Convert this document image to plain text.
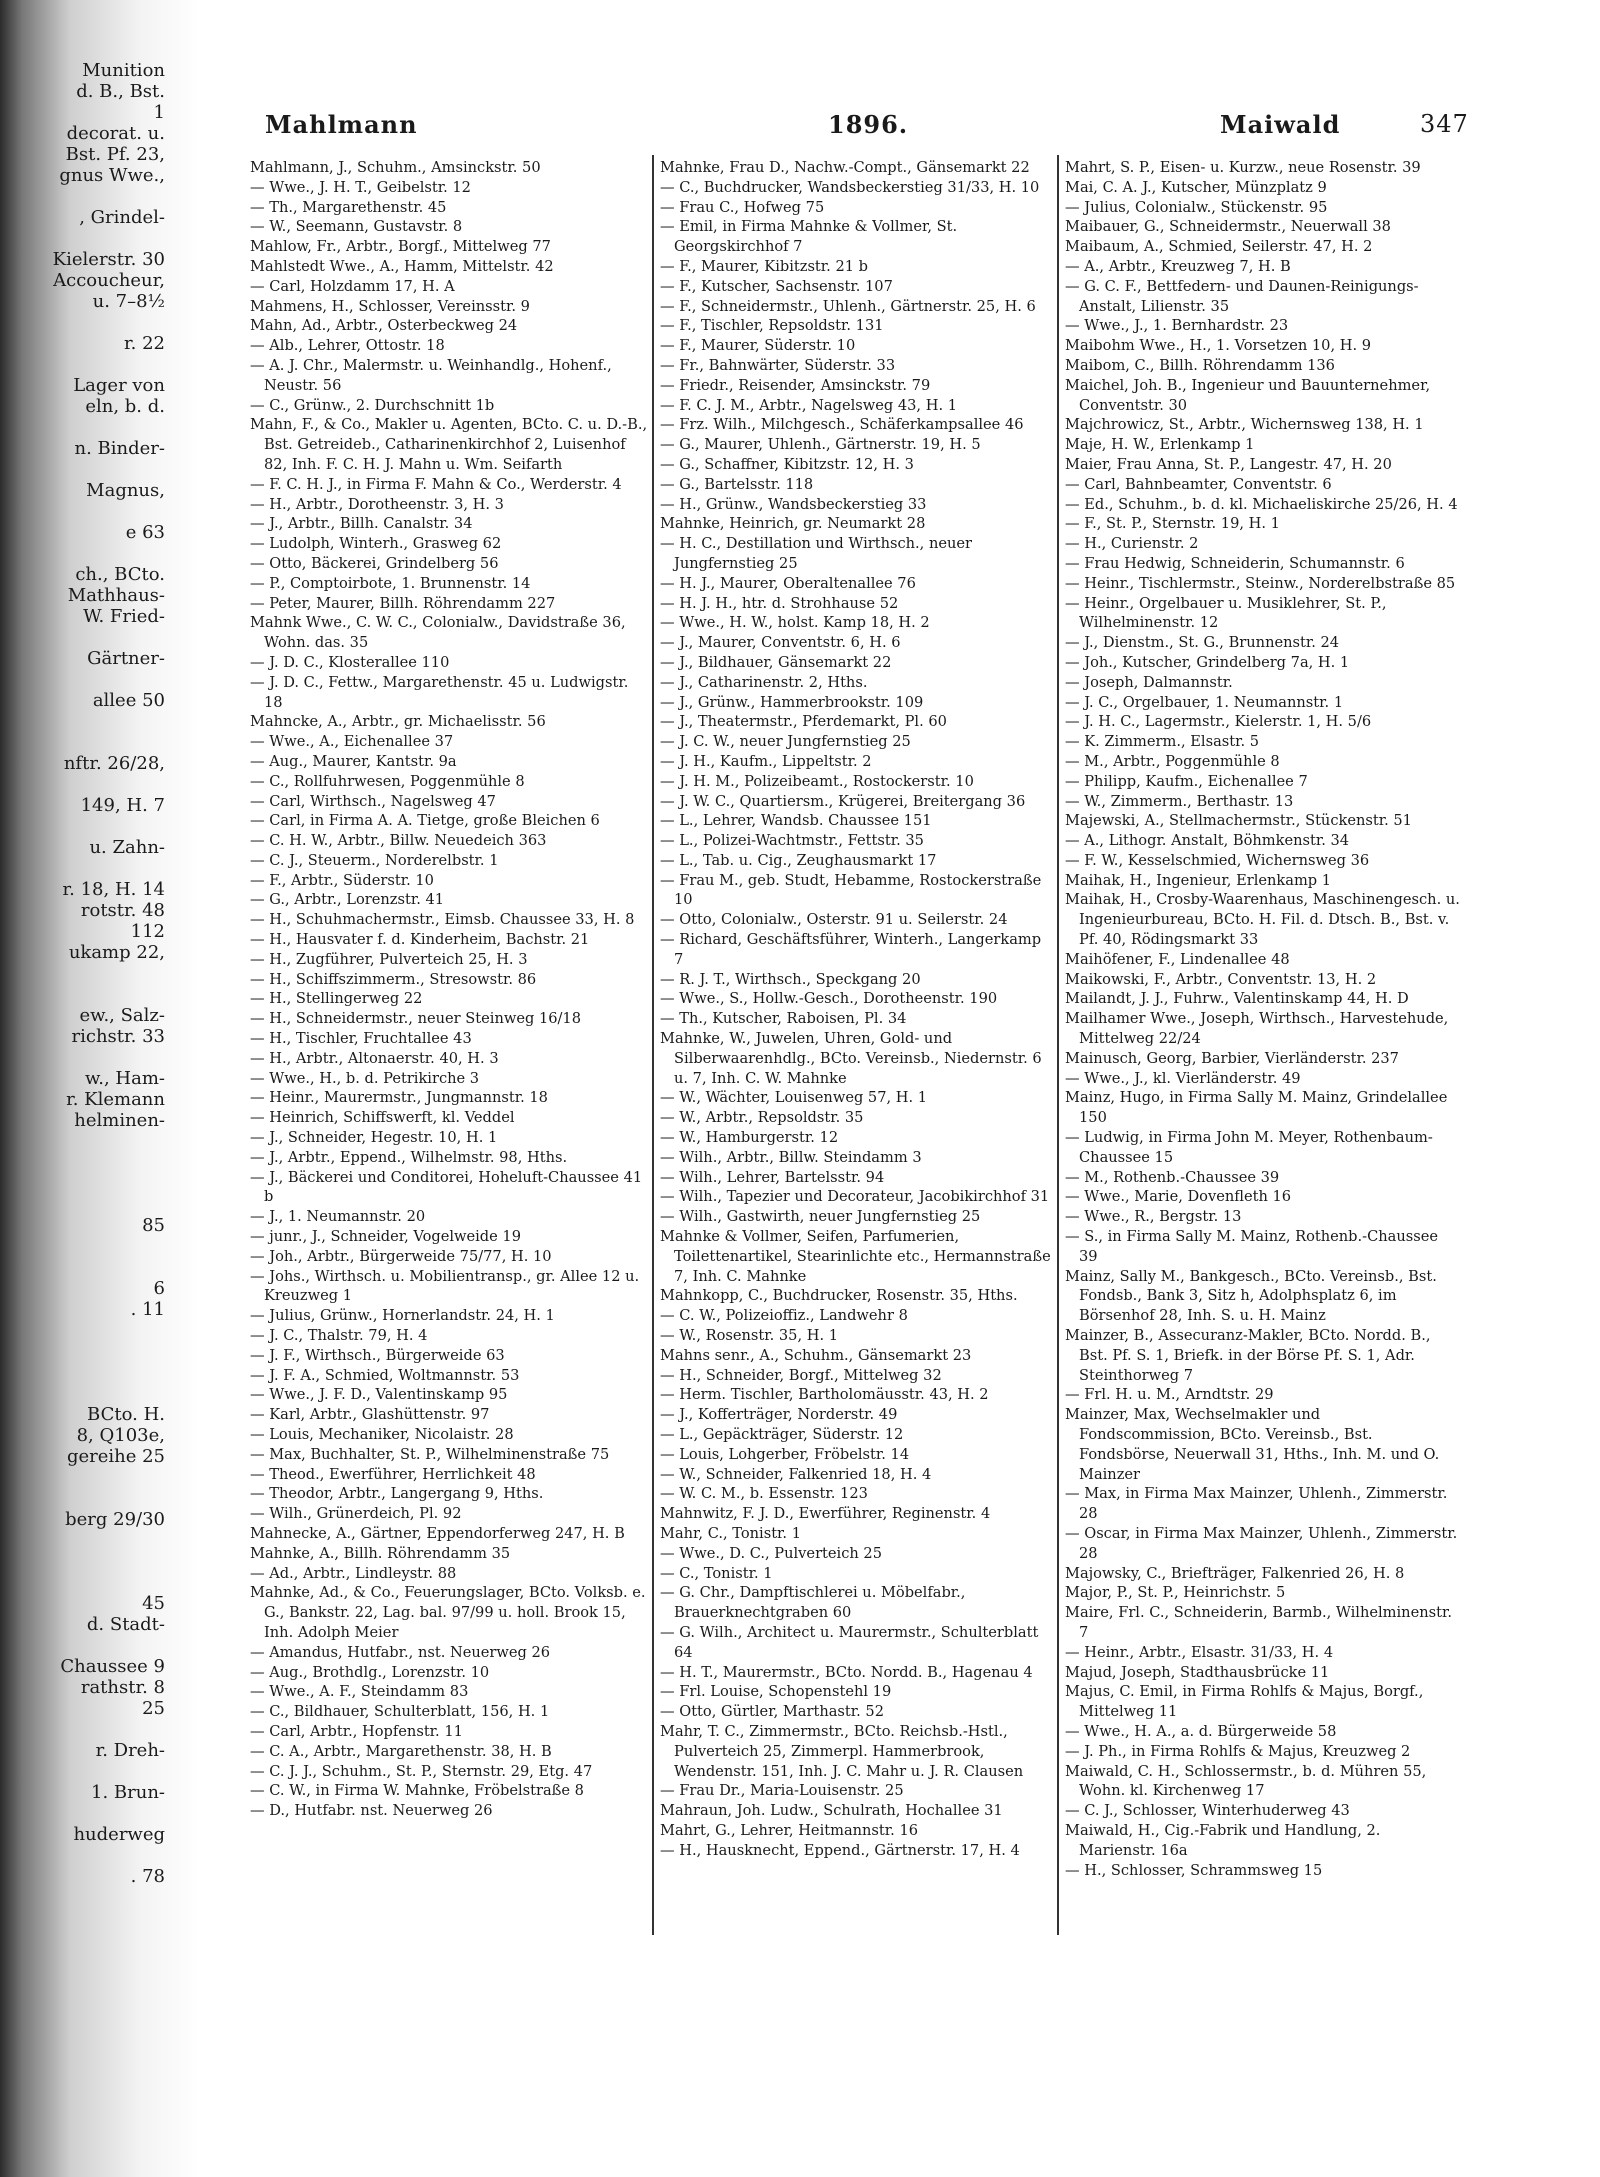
Munition
d. B., Bst.
1
decorat. u.
Bst. Pf. 23,
gnus Wwe.,
, Grindel-
Kielerstr. 30
Accoucheur,
u. 7–8½
r. 22
Lager von
eln, b. d.
n. Binder-
Magnus,
e 63
ch., BCto.
Mathhaus-
W. Fried-
Gärtner-
allee 50
nftr. 26/28,
149, H. 7
u. Zahn-
r. 18, H. 14
rotstr. 48
112
ukamp 22,
ew., Salz-
richstr. 33
w., Ham-
r. Klemann
helminen-
85
6
. 11
BCto. H.
8, Q103e,
gereihe 25
berg 29/30
45
d. Stadt-
Chaussee 9
rathstr. 8
25
r. Dreh-
1. Brun-
huderweg
. 78
Mahlmann	1896.	Maiwald	347

Mahlmann, J., Schuhm., Amsinckstr. 50

— Wwe., J. H. T., Geibelstr. 12

— Th., Margarethenstr. 45

— W., Seemann, Gustavstr. 8

Mahlow, Fr., Arbtr., Borgf., Mittelweg 77

Mahlstedt Wwe., A., Hamm, Mittelstr. 42

— Carl, Holzdamm 17, H. A

Mahmens, H., Schlosser, Vereinsstr. 9

Mahn, Ad., Arbtr., Osterbeckweg 24

— Alb., Lehrer, Ottostr. 18

— A. J. Chr., Malermstr. u. Weinhandlg., Hohenf., Neustr. 56

— C., Grünw., 2. Durchschnitt 1b

Mahn, F., & Co., Makler u. Agenten, BCto. C. u. D.-B., Bst. Getreideb., Catharinenkirchhof 2, Luisenhof 82, Inh. F. C. H. J. Mahn u. Wm. Seifarth

— F. C. H. J., in Firma F. Mahn & Co., Werderstr. 4

— H., Arbtr., Dorotheenstr. 3, H. 3

— J., Arbtr., Billh. Canalstr. 34

— Ludolph, Winterh., Grasweg 62

— Otto, Bäckerei, Grindelberg 56

— P., Comptoirbote, 1. Brunnenstr. 14

— Peter, Maurer, Billh. Röhrendamm 227

Mahnk Wwe., C. W. C., Colonialw., Davidstraße 36, Wohn. das. 35

— J. D. C., Klosterallee 110

— J. D. C., Fettw., Margarethenstr. 45 u. Ludwigstr. 18

Mahncke, A., Arbtr., gr. Michaelisstr. 56

— Wwe., A., Eichenallee 37

— Aug., Maurer, Kantstr. 9a

— C., Rollfuhrwesen, Poggenmühle 8

— Carl, Wirthsch., Nagelsweg 47

— Carl, in Firma A. A. Tietge, große Bleichen 6

— C. H. W., Arbtr., Billw. Neuedeich 363

— C. J., Steuerm., Norderelbstr. 1

— F., Arbtr., Süderstr. 10

— G., Arbtr., Lorenzstr. 41

— H., Schuhmachermstr., Eimsb. Chaussee 33, H. 8

— H., Hausvater f. d. Kinderheim, Bachstr. 21

— H., Zugführer, Pulverteich 25, H. 3

— H., Schiffszimmerm., Stresowstr. 86

— H., Stellingerweg 22

— H., Schneidermstr., neuer Steinweg 16/18

— H., Tischler, Fruchtallee 43

— H., Arbtr., Altonaerstr. 40, H. 3

— Wwe., H., b. d. Petrikirche 3

— Heinr., Maurermstr., Jungmannstr. 18

— Heinrich, Schiffswerft, kl. Veddel

— J., Schneider, Hegestr. 10, H. 1

— J., Arbtr., Eppend., Wilhelmstr. 98, Hths.

— J., Bäckerei und Conditorei, Hoheluft-Chaussee 41 b

— J., 1. Neumannstr. 20

— junr., J., Schneider, Vogelweide 19

— Joh., Arbtr., Bürgerweide 75/77, H. 10

— Johs., Wirthsch. u. Mobilientransp., gr. Allee 12 u. Kreuzweg 1

— Julius, Grünw., Hornerlandstr. 24, H. 1

— J. C., Thalstr. 79, H. 4

— J. F., Wirthsch., Bürgerweide 63

— J. F. A., Schmied, Woltmannstr. 53

— Wwe., J. F. D., Valentinskamp 95

— Karl, Arbtr., Glashüttenstr. 97

— Louis, Mechaniker, Nicolaistr. 28

— Max, Buchhalter, St. P., Wilhelminenstraße 75

— Theod., Ewerführer, Herrlichkeit 48

— Theodor, Arbtr., Langergang 9, Hths.

— Wilh., Grünerdeich, Pl. 92

Mahnecke, A., Gärtner, Eppendorferweg 247, H. B

Mahnke, A., Billh. Röhrendamm 35

— Ad., Arbtr., Lindleystr. 88

Mahnke, Ad., & Co., Feuerungslager, BCto. Volksb. e. G., Bankstr. 22, Lag. bal. 97/99 u. holl. Brook 15, Inh. Adolph Meier

— Amandus, Hutfabr., nst. Neuerweg 26

— Aug., Brothdlg., Lorenzstr. 10

— Wwe., A. F., Steindamm 83

— C., Bildhauer, Schulterblatt, 156, H. 1

— Carl, Arbtr., Hopfenstr. 11

— C. A., Arbtr., Margarethenstr. 38, H. B

— C. J. J., Schuhm., St. P., Sternstr. 29, Etg. 47

— C. W., in Firma W. Mahnke, Fröbelstraße 8

— D., Hutfabr. nst. Neuerweg 26

Mahnke, Frau D., Nachw.-Compt., Gänsemarkt 22

— C., Buchdrucker, Wandsbeckerstieg 31/33, H. 10

— Frau C., Hofweg 75

— Emil, in Firma Mahnke & Vollmer, St. Georgskirchhof 7

— F., Maurer, Kibitzstr. 21 b

— F., Kutscher, Sachsenstr. 107

— F., Schneidermstr., Uhlenh., Gärtnerstr. 25, H. 6

— F., Tischler, Repsoldstr. 131

— F., Maurer, Süderstr. 10

— Fr., Bahnwärter, Süderstr. 33

— Friedr., Reisender, Amsinckstr. 79

— F. C. J. M., Arbtr., Nagelsweg 43, H. 1

— Frz. Wilh., Milchgesch., Schäferkampsallee 46

— G., Maurer, Uhlenh., Gärtnerstr. 19, H. 5

— G., Schaffner, Kibitzstr. 12, H. 3

— G., Bartelsstr. 118

— H., Grünw., Wandsbeckerstieg 33

Mahnke, Heinrich, gr. Neumarkt 28

— H. C., Destillation und Wirthsch., neuer Jungfernstieg 25

— H. J., Maurer, Oberaltenallee 76

— H. J. H., htr. d. Strohhause 52

— Wwe., H. W., holst. Kamp 18, H. 2

— J., Maurer, Conventstr. 6, H. 6

— J., Bildhauer, Gänsemarkt 22

— J., Catharinenstr. 2, Hths.

— J., Grünw., Hammerbrookstr. 109

— J., Theatermstr., Pferdemarkt, Pl. 60

— J. C. W., neuer Jungfernstieg 25

— J. H., Kaufm., Lippeltstr. 2

— J. H. M., Polizeibeamt., Rostockerstr. 10

— J. W. C., Quartiersm., Krügerei, Breitergang 36

— L., Lehrer, Wandsb. Chaussee 151

— L., Polizei-Wachtmstr., Fettstr. 35

— L., Tab. u. Cig., Zeughausmarkt 17

— Frau M., geb. Studt, Hebamme, Rostockerstraße 10

— Otto, Colonialw., Osterstr. 91 u. Seilerstr. 24

— Richard, Geschäftsführer, Winterh., Langerkamp 7

— R. J. T., Wirthsch., Speckgang 20

— Wwe., S., Hollw.-Gesch., Dorotheenstr. 190

— Th., Kutscher, Raboisen, Pl. 34

Mahnke, W., Juwelen, Uhren, Gold- und Silberwaarenhdlg., BCto. Vereinsb., Niedernstr. 6 u. 7, Inh. C. W. Mahnke

— W., Wächter, Louisenweg 57, H. 1

— W., Arbtr., Repsoldstr. 35

— W., Hamburgerstr. 12

— Wilh., Arbtr., Billw. Steindamm 3

— Wilh., Lehrer, Bartelsstr. 94

— Wilh., Tapezier und Decorateur, Jacobikirchhof 31

— Wilh., Gastwirth, neuer Jungfernstieg 25

Mahnke & Vollmer, Seifen, Parfumerien, Toilettenartikel, Stearinlichte etc., Hermannstraße 7, Inh. C. Mahnke

Mahnkopp, C., Buchdrucker, Rosenstr. 35, Hths.

— C. W., Polizeioffiz., Landwehr 8

— W., Rosenstr. 35, H. 1

Mahns senr., A., Schuhm., Gänsemarkt 23

— H., Schneider, Borgf., Mittelweg 32

— Herm. Tischler, Bartholomäusstr. 43, H. 2

— J., Kofferträger, Norderstr. 49

— L., Gepäckträger, Süderstr. 12

— Louis, Lohgerber, Fröbelstr. 14

— W., Schneider, Falkenried 18, H. 4

— W. C. M., b. Essenstr. 123

Mahnwitz, F. J. D., Ewerführer, Reginenstr. 4

Mahr, C., Tonistr. 1

— Wwe., D. C., Pulverteich 25

— C., Tonistr. 1

— G. Chr., Dampftischlerei u. Möbelfabr., Brauerknechtgraben 60

— G. Wilh., Architect u. Maurermstr., Schulterblatt 64

— H. T., Maurermstr., BCto. Nordd. B., Hagenau 4

— Frl. Louise, Schopenstehl 19

— Otto, Gürtler, Marthastr. 52

Mahr, T. C., Zimmermstr., BCto. Reichsb.-Hstl., Pulverteich 25, Zimmerpl. Hammerbrook, Wendenstr. 151, Inh. J. C. Mahr u. J. R. Clausen

— Frau Dr., Maria-Louisenstr. 25

Mahraun, Joh. Ludw., Schulrath, Hochallee 31

Mahrt, G., Lehrer, Heitmannstr. 16

— H., Hausknecht, Eppend., Gärtnerstr. 17, H. 4

Mahrt, S. P., Eisen- u. Kurzw., neue Rosenstr. 39

Mai, C. A. J., Kutscher, Münzplatz 9

— Julius, Colonialw., Stückenstr. 95

Maibauer, G., Schneidermstr., Neuerwall 38

Maibaum, A., Schmied, Seilerstr. 47, H. 2

— A., Arbtr., Kreuzweg 7, H. B

— G. C. F., Bettfedern- und Daunen-Reinigungs-Anstalt, Lilienstr. 35

— Wwe., J., 1. Bernhardstr. 23

Maibohm Wwe., H., 1. Vorsetzen 10, H. 9

Maibom, C., Billh. Röhrendamm 136

Maichel, Joh. B., Ingenieur und Bauunternehmer, Conventstr. 30

Majchrowicz, St., Arbtr., Wichernsweg 138, H. 1

Maje, H. W., Erlenkamp 1

Maier, Frau Anna, St. P., Langestr. 47, H. 20

— Carl, Bahnbeamter, Conventstr. 6

— Ed., Schuhm., b. d. kl. Michaeliskirche 25/26, H. 4

— F., St. P., Sternstr. 19, H. 1

— H., Curienstr. 2

— Frau Hedwig, Schneiderin, Schumannstr. 6

— Heinr., Tischlermstr., Steinw., Norderelbstraße 85

— Heinr., Orgelbauer u. Musiklehrer, St. P., Wilhelminenstr. 12

— J., Dienstm., St. G., Brunnenstr. 24

— Joh., Kutscher, Grindelberg 7a, H. 1

— Joseph, Dalmannstr.

— J. C., Orgelbauer, 1. Neumannstr. 1

— J. H. C., Lagermstr., Kielerstr. 1, H. 5/6

— K. Zimmerm., Elsastr. 5

— M., Arbtr., Poggenmühle 8

— Philipp, Kaufm., Eichenallee 7

— W., Zimmerm., Berthastr. 13

Majewski, A., Stellmachermstr., Stückenstr. 51

— A., Lithogr. Anstalt, Böhmkenstr. 34

— F. W., Kesselschmied, Wichernsweg 36

Maihak, H., Ingenieur, Erlenkamp 1

Maihak, H., Crosby-Waarenhaus, Maschinengesch. u. Ingenieurbureau, BCto. H. Fil. d. Dtsch. B., Bst. v. Pf. 40, Rödingsmarkt 33

Maihöfener, F., Lindenallee 48

Maikowski, F., Arbtr., Conventstr. 13, H. 2

Mailandt, J. J., Fuhrw., Valentinskamp 44, H. D

Mailhamer Wwe., Joseph, Wirthsch., Harvestehude, Mittelweg 22/24

Mainusch, Georg, Barbier, Vierländerstr. 237

— Wwe., J., kl. Vierländerstr. 49

Mainz, Hugo, in Firma Sally M. Mainz, Grindelallee 150

— Ludwig, in Firma John M. Meyer, Rothenbaum-Chaussee 15

— M., Rothenb.-Chaussee 39

— Wwe., Marie, Dovenfleth 16

— Wwe., R., Bergstr. 13

— S., in Firma Sally M. Mainz, Rothenb.-Chaussee 39

Mainz, Sally M., Bankgesch., BCto. Vereinsb., Bst. Fondsb., Bank 3, Sitz h, Adolphsplatz 6, im Börsenhof 28, Inh. S. u. H. Mainz

Mainzer, B., Assecuranz-Makler, BCto. Nordd. B., Bst. Pf. S. 1, Briefk. in der Börse Pf. S. 1, Adr. Steinthorweg 7

— Frl. H. u. M., Arndtstr. 29

Mainzer, Max, Wechselmakler und Fondscommission, BCto. Vereinsb., Bst. Fondsbörse, Neuerwall 31, Hths., Inh. M. und O. Mainzer

— Max, in Firma Max Mainzer, Uhlenh., Zimmerstr. 28

— Oscar, in Firma Max Mainzer, Uhlenh., Zimmerstr. 28

Majowsky, C., Briefträger, Falkenried 26, H. 8

Major, P., St. P., Heinrichstr. 5

Maire, Frl. C., Schneiderin, Barmb., Wilhelminenstr. 7

— Heinr., Arbtr., Elsastr. 31/33, H. 4

Majud, Joseph, Stadthausbrücke 11

Majus, C. Emil, in Firma Rohlfs & Majus, Borgf., Mittelweg 11

— Wwe., H. A., a. d. Bürgerweide 58

— J. Ph., in Firma Rohlfs & Majus, Kreuzweg 2

Maiwald, C. H., Schlossermstr., b. d. Mühren 55, Wohn. kl. Kirchenweg 17

— C. J., Schlosser, Winterhuderweg 43

Maiwald, H., Cig.-Fabrik und Handlung, 2. Marienstr. 16a

— H., Schlosser, Schrammsweg 15
